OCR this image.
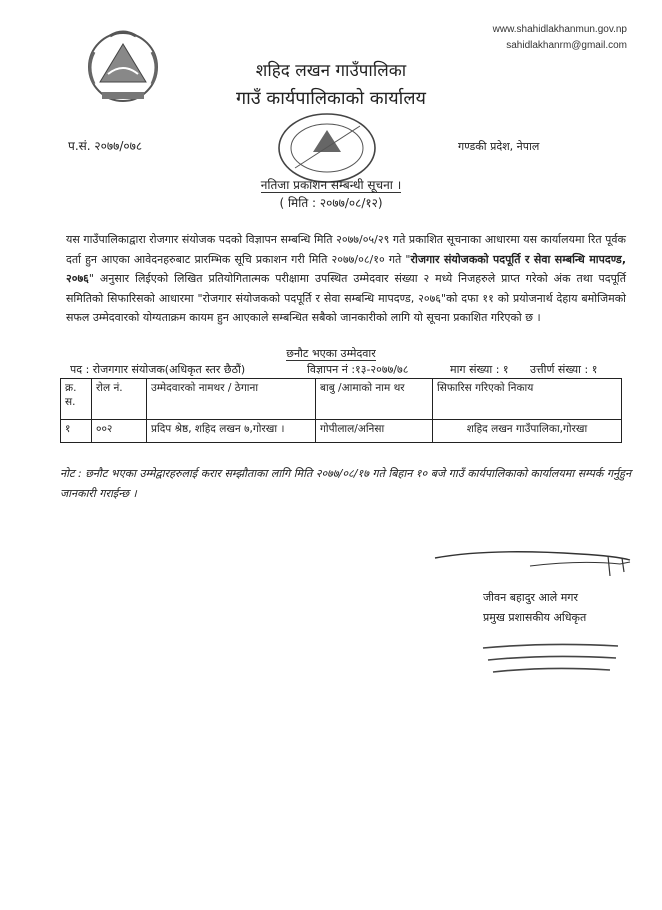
www.shahidlakhanmun.gov.np
sahidlakhanrm@gmail.com
शहिद लखन गाउँपालिका
गाउँ कार्यपालिकाको कार्यालय
प.सं. २०७७/०७८	गण्डकी प्रदेश, नेपाल
नतिजा प्रकाशन सम्बन्धी सूचना ।
( मिति : २०७७/०८/१२)
यस गाउँपालिकाद्वारा रोजगार संयोजक पदको विज्ञापन सम्बन्धि मिति २०७७/०५/२९ गते प्रकाशित सूचनाका आधारमा यस कार्यालयमा रित पूर्वक दर्ता हुन आएका आवेदनहरुबाट प्रारम्भिक सूचि प्रकाशन गरी मिति २०७७/०८/१० गते "रोजगार संयोजकको पदपूर्ति र सेवा सम्बन्धि मापदण्ड, २०७६" अनुसार लिईएको लिखित प्रतियोगितात्मक परीक्षामा उपस्थित उम्मेदवार संख्या २ मध्ये निजहरुले प्राप्त गरेको अंक तथा पदपूर्ति समितिको सिफारिसको आधारमा "रोजगार संयोजकको पदपूर्ति र सेवा सम्बन्धि मापदण्ड, २०७६"को दफा ११ को प्रयोजनार्थ देहाय बमोजिमको सफल उम्मेदवारको योग्यताक्रम कायम हुन आएकाले सम्बन्धित सबैको जानकारीको लागि यो सूचना प्रकाशित गरिएको छ ।
छनौट भएका उम्मेदवार
पद : रोजगगार संयोजक(अधिकृत स्तर छैठौं)	विज्ञापन नं :१३-२०७७/७८	माग संख्या : १ उत्तीर्ण संख्या : १
क्र. स.	रोल नं.	उम्मेदवारको नामथर / ठेगाना	बाबु /आमाको नाम थर	सिफारिस गरिएको निकाय
१	००२	प्रदिप श्रेष्ठ, शहिद लखन ७,गोरखा ।	गोपीलाल/अनिसा	शहिद लखन गाउँपालिका,गोरखा
नोट : छनौट भएका उम्मेद्वारहरुलाई करार सम्झौताका लागि मिति २०७७/०८/१७ गते बिहान १० बजे गाउँ कार्यपालिकाको कार्यालयमा सम्पर्क गर्नुहुन जानकारी गराईन्छ ।
जीवन बहादुर आले मगर
प्रमुख प्रशासकीय अधिकृत
